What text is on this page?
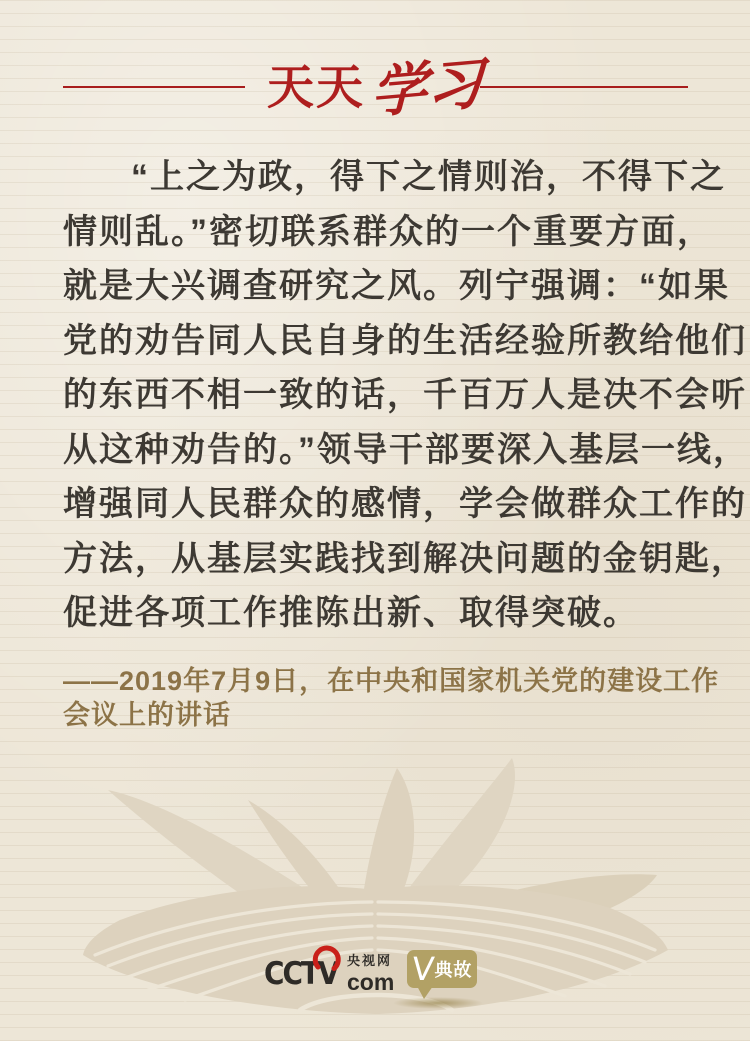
天天学习
“上之为政，得下之情则治，不得下之
情则乱。”密切联系群众的一个重要方面，
就是大兴调查研究之风。列宁强调：“如果
党的劝告同人民自身的生活经验所教给他们
的东西不相一致的话，千百万人是决不会听
从这种劝告的。”领导干部要深入基层一线，
增强同人民群众的感情，学会做群众工作的
方法，从基层实践找到解决问题的金钥匙，
促进各项工作推陈出新、取得突破。
——2019年7月9日，在中央和国家机关党的建设工作
会议上的讲话
CCTV 央视网
com V 典故
